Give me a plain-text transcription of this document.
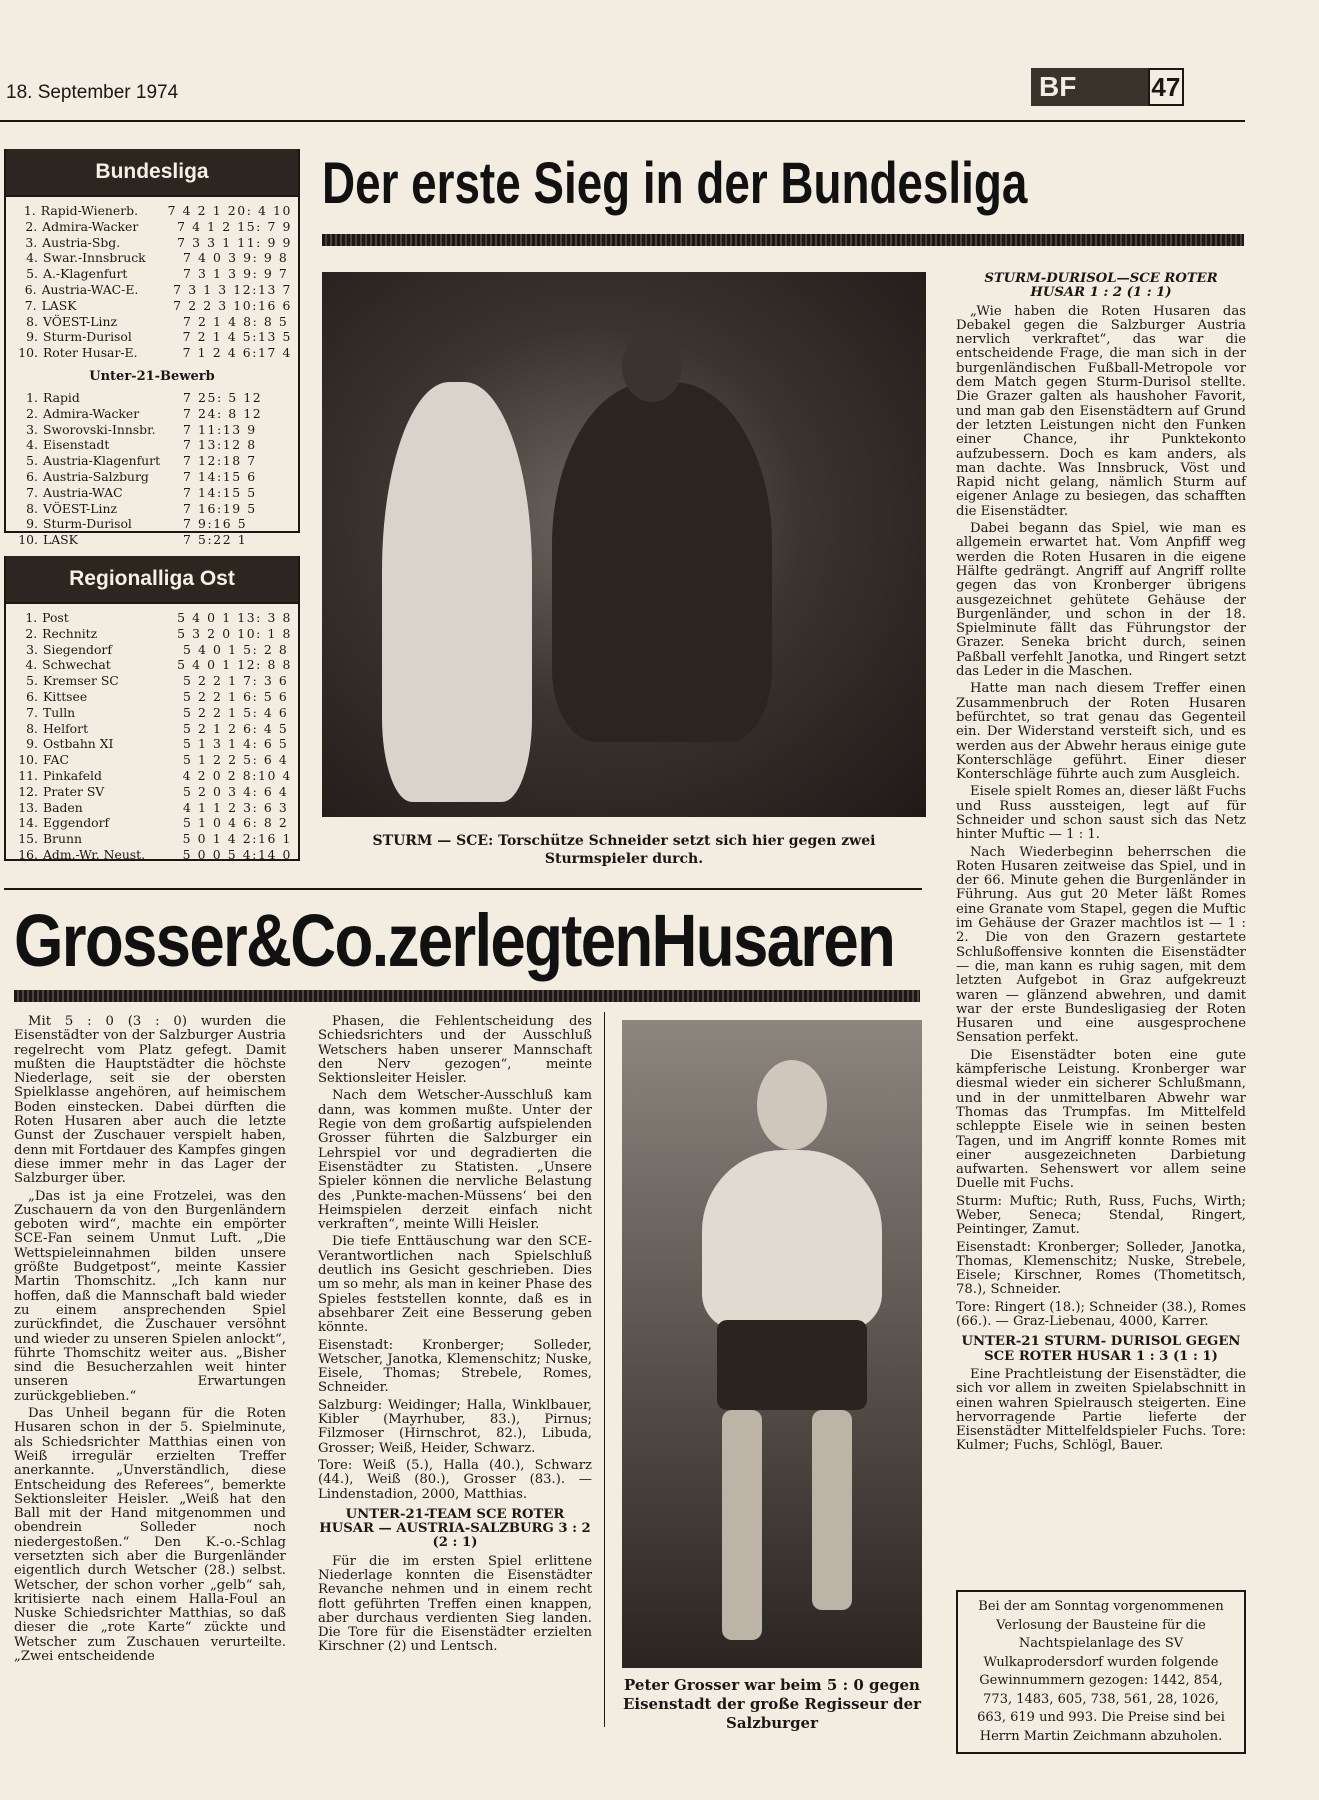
18. September 1974	BF	47
Bundesliga
1. Rapid-Wienerb.	7 4 2 1 20: 4 10
2. Admira-Wacker	7 4 1 2 15: 7 9
3. Austria-Sbg.	7 3 3 1 11: 9 9
4. Swar.-Innsbruck	7 4 0 3 9: 9 8
5. A.-Klagenfurt	7 3 1 3 9: 9 7
6. Austria-WAC-E.	7 3 1 3 12:13 7
7. LASK	7 2 2 3 10:16 6
8. VÖEST-Linz	7 2 1 4 8: 8 5
9. Sturm-Durisol	7 2 1 4 5:13 5
10. Roter Husar-E.	7 1 2 4 6:17 4
Unter-21-Bewerb
1. Rapid	7 25: 5 12
2. Admira-Wacker	7 24: 8 12
3. Sworovski-Innsbr.	7 11:13 9
4. Eisenstadt	7 13:12 8
5. Austria-Klagenfurt	7 12:18 7
6. Austria-Salzburg	7 14:15 6
7. Austria-WAC	7 14:15 5
8. VÖEST-Linz	7 16:19 5
9. Sturm-Durisol	7 9:16 5
10. LASK	7 5:22 1
Regionalliga Ost
1. Post	5 4 0 1 13: 3 8
2. Rechnitz	5 3 2 0 10: 1 8
3. Siegendorf	5 4 0 1 5: 2 8
4. Schwechat	5 4 0 1 12: 8 8
5. Kremser SC	5 2 2 1 7: 3 6
6. Kittsee	5 2 2 1 6: 5 6
7. Tulln	5 2 2 1 5: 4 6
8. Helfort	5 2 1 2 6: 4 5
9. Ostbahn XI	5 1 3 1 4: 6 5
10. FAC	5 1 2 2 5: 6 4
11. Pinkafeld	4 2 0 2 8:10 4
12. Prater SV	5 2 0 3 4: 6 4
13. Baden	4 1 1 2 3: 6 3
14. Eggendorf	5 1 0 4 6: 8 2
15. Brunn	5 0 1 4 2:16 1
16. Adm.-Wr. Neust.	5 0 0 5 4:14 0
Der erste Sieg in der Bundesliga
STURM — SCE: Torschütze Schneider setzt sich hier gegen zwei Sturmspieler durch.

STURM-DURISOL—SCE ROTER HUSAR 1 : 2 (1 : 1)

„Wie haben die Roten Husaren das Debakel gegen die Salzburger Austria nervlich verkraftet“, das war die entscheidende Frage, die man sich in der burgenländischen Fußball-Metropole vor dem Match gegen Sturm-Durisol stellte. Die Grazer galten als haushoher Favorit, und man gab den Eisenstädtern auf Grund der letzten Leistungen nicht den Funken einer Chance, ihr Punktekonto aufzubessern. Doch es kam anders, als man dachte. Was Innsbruck, Vöst und Rapid nicht gelang, nämlich Sturm auf eigener Anlage zu besiegen, das schafften die Eisenstädter.

Dabei begann das Spiel, wie man es allgemein erwartet hat. Vom Anpfiff weg werden die Roten Husaren in die eigene Hälfte gedrängt. Angriff auf Angriff rollte gegen das von Kronberger übrigens ausgezeichnet gehütete Gehäuse der Burgenländer, und schon in der 18. Spielminute fällt das Führungstor der Grazer. Seneka bricht durch, seinen Paßball verfehlt Janotka, und Ringert setzt das Leder in die Maschen.

Hatte man nach diesem Treffer einen Zusammenbruch der Roten Husaren befürchtet, so trat genau das Gegenteil ein. Der Widerstand versteift sich, und es werden aus der Abwehr heraus einige gute Konterschläge geführt. Einer dieser Konterschläge führte auch zum Ausgleich.

Eisele spielt Romes an, dieser läßt Fuchs und Russ aussteigen, legt auf für Schneider und schon saust sich das Netz hinter Muftic — 1 : 1.

Nach Wiederbeginn beherrschen die Roten Husaren zeitweise das Spiel, und in der 66. Minute gehen die Burgenländer in Führung. Aus gut 20 Meter läßt Romes eine Granate vom Stapel, gegen die Muftic im Gehäuse der Grazer machtlos ist — 1 : 2. Die von den Grazern gestartete Schlußoffensive konnten die Eisenstädter — die, man kann es ruhig sagen, mit dem letzten Aufgebot in Graz aufgekreuzt waren — glänzend abwehren, und damit war der erste Bundesligasieg der Roten Husaren und eine ausgesprochene Sensation perfekt.

Die Eisenstädter boten eine gute kämpferische Leistung. Kronberger war diesmal wieder ein sicherer Schlußmann, und in der unmittelbaren Abwehr war Thomas das Trumpfas. Im Mittelfeld schleppte Eisele wie in seinen besten Tagen, und im Angriff konnte Romes mit einer ausgezeichneten Darbietung aufwarten. Sehenswert vor allem seine Duelle mit Fuchs.

Sturm: Muftic; Ruth, Russ, Fuchs, Wirth; Weber, Seneca; Stendal, Ringert, Peintinger, Zamut.

Eisenstadt: Kronberger; Solleder, Janotka, Thomas, Klemenschitz; Nuske, Strebele, Eisele; Kirschner, Romes (Thometitsch, 78.), Schneider.

Tore: Ringert (18.); Schneider (38.), Romes (66.). — Graz-Liebenau, 4000, Karrer.

UNTER-21 STURM- DURISOL GEGEN SCE ROTER HUSAR 1 : 3 (1 : 1)

Eine Prachtleistung der Eisenstädter, die sich vor allem in zweiten Spielabschnitt in einen wahren Spielrausch steigerten. Eine hervorragende Partie lieferte der Eisenstädter Mittelfeldspieler Fuchs. Tore: Kulmer; Fuchs, Schlögl, Bauer.

Bei der am Sonntag vorgenommenen Verlosung der Bausteine für die Nachtspielanlage des SV Wulkaprodersdorf wurden folgende Gewinnummern gezogen: 1442, 854, 773, 1483, 605, 738, 561, 28, 1026, 663, 619 und 993. Die Preise sind bei Herrn Martin Zeichmann abzuholen.
Grosser&Co.zerlegtenHusaren

Mit 5 : 0 (3 : 0) wurden die Eisenstädter von der Salzburger Austria regelrecht vom Platz gefegt. Damit mußten die Hauptstädter die höchste Niederlage, seit sie der obersten Spielklasse angehören, auf heimischem Boden einstecken. Dabei dürften die Roten Husaren aber auch die letzte Gunst der Zuschauer verspielt haben, denn mit Fortdauer des Kampfes gingen diese immer mehr in das Lager der Salzburger über.

„Das ist ja eine Frotzelei, was den Zuschauern da von den Burgenländern geboten wird“, machte ein empörter SCE-Fan seinem Unmut Luft. „Die Wettspieleinnahmen bilden unsere größte Budgetpost“, meinte Kassier Martin Thomschitz. „Ich kann nur hoffen, daß die Mannschaft bald wieder zu einem ansprechenden Spiel zurückfindet, die Zuschauer versöhnt und wieder zu unseren Spielen anlockt“, führte Thomschitz weiter aus. „Bisher sind die Besucherzahlen weit hinter unseren Erwartungen zurückgeblieben.“

Das Unheil begann für die Roten Husaren schon in der 5. Spielminute, als Schiedsrichter Matthias einen von Weiß irregulär erzielten Treffer anerkannte. „Unverständlich, diese Entscheidung des Referees“, bemerkte Sektionsleiter Heisler. „Weiß hat den Ball mit der Hand mitgenommen und obendrein Solleder noch niedergestoßen.“ Den K.-o.-Schlag versetzten sich aber die Burgenländer eigentlich durch Wetscher (28.) selbst. Wetscher, der schon vorher „gelb“ sah, kritisierte nach einem Halla-Foul an Nuske Schiedsrichter Matthias, so daß dieser die „rote Karte“ zückte und Wetscher zum Zuschauen verurteilte. „Zwei entscheidende

Phasen, die Fehlentscheidung des Schiedsrichters und der Ausschluß Wetschers haben unserer Mannschaft den Nerv gezogen“, meinte Sektionsleiter Heisler.

Nach dem Wetscher-Ausschluß kam dann, was kommen mußte. Unter der Regie von dem großartig aufspielenden Grosser führten die Salzburger ein Lehrspiel vor und degradierten die Eisenstädter zu Statisten. „Unsere Spieler können die nervliche Belastung des ‚Punkte-machen-Müssens‘ bei den Heimspielen derzeit einfach nicht verkraften“, meinte Willi Heisler.

Die tiefe Enttäuschung war den SCE-Verantwortlichen nach Spielschluß deutlich ins Gesicht geschrieben. Dies um so mehr, als man in keiner Phase des Spieles feststellen konnte, daß es in absehbarer Zeit eine Besserung geben könnte.

Eisenstadt: Kronberger; Solleder, Wetscher, Janotka, Klemenschitz; Nuske, Eisele, Thomas; Strebele, Romes, Schneider.

Salzburg: Weidinger; Halla, Winklbauer, Kibler (Mayrhuber, 83.), Pirnus; Filzmoser (Hirnschrot, 82.), Libuda, Grosser; Weiß, Heider, Schwarz.

Tore: Weiß (5.), Halla (40.), Schwarz (44.), Weiß (80.), Grosser (83.). — Lindenstadion, 2000, Matthias.

UNTER-21-TEAM SCE ROTER HUSAR — AUSTRIA-SALZBURG 3 : 2 (2 : 1)

Für die im ersten Spiel erlittene Niederlage konnten die Eisenstädter Revanche nehmen und in einem recht flott geführten Treffen einen knappen, aber durchaus verdienten Sieg landen. Die Tore für die Eisenstädter erzielten Kirschner (2) und Lentsch.

Peter Grosser war beim 5 : 0 gegen Eisenstadt der große Regisseur der Salzburger
